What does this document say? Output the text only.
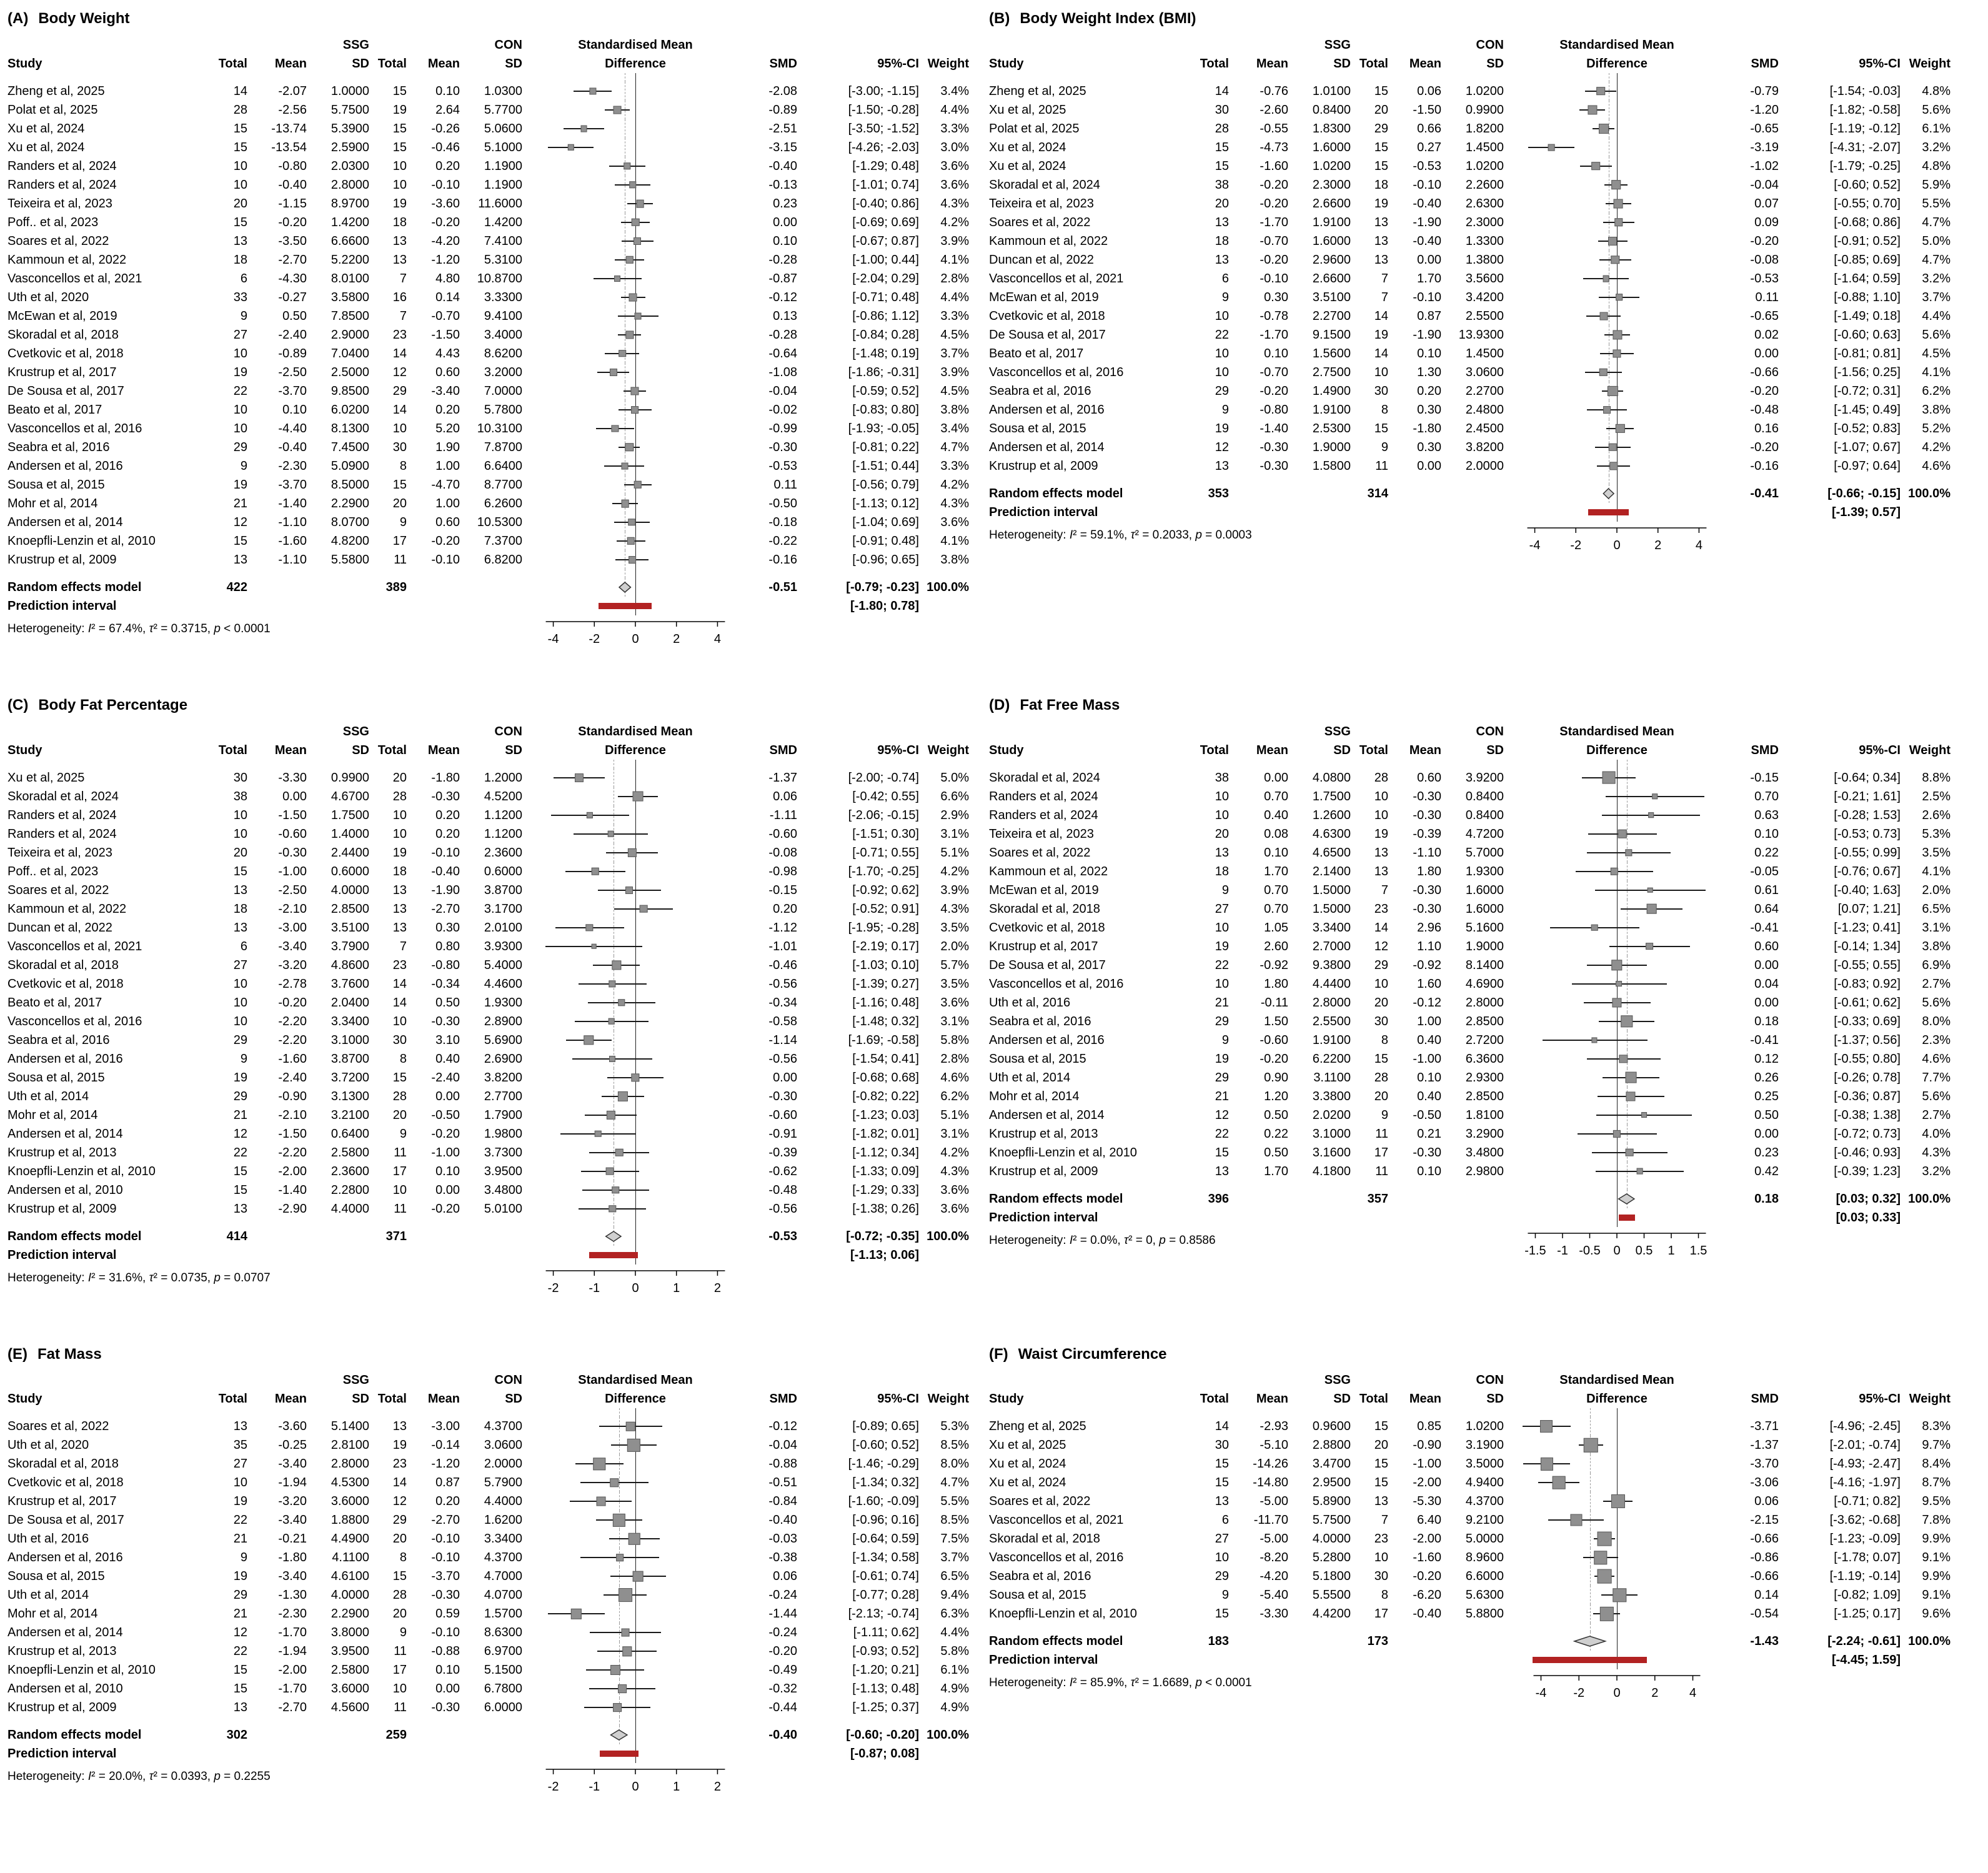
(A) Body Weight
SSG	CON	Standardised Mean
Study	Total	Mean	SD Total	Mean	SD	Difference	SMD	95%-CI Weight
Zheng et al, 2025	14	-2.07	1.0000	15	0.10	1.0300	-2.08	[-3.00; -1.15]	3.4%
Polat et al, 2025	28	-2.56	5.7500	19	2.64	5.7700	-0.89	[-1.50; -0.28]	4.4%
Xu et al, 2024	15	-13.74	5.3900	15	-0.26	5.0600	-2.51	[-3.50; -1.52]	3.3%
Xu et al, 2024	15	-13.54	2.5900	15	-0.46	5.1000	-3.15	[-4.26; -2.03]	3.0%
Randers et al, 2024	10	-0.80	2.0300	10	0.20	1.1900	-0.40	[-1.29; 0.48]	3.6%
Randers et al, 2024	10	-0.40	2.8000	10	-0.10	1.1900	-0.13	[-1.01; 0.74]	3.6%
Teixeira et al, 2023	20	-1.15	8.9700	19	-3.60	11.6000	0.23	[-0.40; 0.86]	4.3%
Poff.. et al, 2023	15	-0.20	1.4200	18	-0.20	1.4200	0.00	[-0.69; 0.69]	4.2%
Soares et al, 2022	13	-3.50	6.6600	13	-4.20	7.4100	0.10	[-0.67; 0.87]	3.9%
Kammoun et al, 2022	18	-2.70	5.2200	13	-1.20	5.3100	-0.28	[-1.00; 0.44]	4.1%
Vasconcellos et al, 2021	6	-4.30	8.0100	7	4.80	10.8700	-0.87	[-2.04; 0.29]	2.8%
Uth et al, 2020	33	-0.27	3.5800	16	0.14	3.3300	-0.12	[-0.71; 0.48]	4.4%
McEwan et al, 2019	9	0.50	7.8500	7	-0.70	9.4100	0.13	[-0.86; 1.12]	3.3%
Skoradal et al, 2018	27	-2.40	2.9000	23	-1.50	3.4000	-0.28	[-0.84; 0.28]	4.5%
Cvetkovic et al, 2018	10	-0.89	7.0400	14	4.43	8.6200	-0.64	[-1.48; 0.19]	3.7%
Krustrup et al, 2017	19	-2.50	2.5000	12	0.60	3.2000	-1.08	[-1.86; -0.31]	3.9%
De Sousa et al, 2017	22	-3.70	9.8500	29	-3.40	7.0000	-0.04	[-0.59; 0.52]	4.5%
Beato et al, 2017	10	0.10	6.0200	14	0.20	5.7800	-0.02	[-0.83; 0.80]	3.8%
Vasconcellos et al, 2016	10	-4.40	8.1300	10	5.20	10.3100	-0.99	[-1.93; -0.05]	3.4%
Seabra et al, 2016	29	-0.40	7.4500	30	1.90	7.8700	-0.30	[-0.81; 0.22]	4.7%
Andersen et al, 2016	9	-2.30	5.0900	8	1.00	6.6400	-0.53	[-1.51; 0.44]	3.3%
Sousa et al, 2015	19	-3.70	8.5000	15	-4.70	8.7700	0.11	[-0.56; 0.79]	4.2%
Mohr et al, 2014	21	-1.40	2.2900	20	1.00	6.2600	-0.50	[-1.13; 0.12]	4.3%
Andersen et al, 2014	12	-1.10	8.0700	9	0.60	10.5300	-0.18	[-1.04; 0.69]	3.6%
Knoepfli-Lenzin et al, 2010	15	-1.60	4.8200	17	-0.20	7.3700	-0.22	[-0.91; 0.48]	4.1%
Krustrup et al, 2009	13	-1.10	5.5800	11	-0.10	6.8200	-0.16	[-0.96; 0.65]	3.8%
Random effects model	422	389	-0.51	[-0.79; -0.23] 100.0%
Prediction interval	[-1.80; 0.78]
Heterogeneity: I² = 67.4%, τ² = 0.3715, p < 0.0001
-4 -2	0	2	4
(B) Body Weight Index (BMI)
SSG	CON	Standardised Mean
Study	Total	Mean	SD Total	Mean	SD	Difference	SMD	95%-CI Weight
Zheng et al, 2025	14	-0.76	1.0100	15	0.06	1.0200	-0.79	[-1.54; -0.03]	4.8%
Xu et al, 2025	30	-2.60	0.8400	20	-1.50	0.9900	-1.20	[-1.82; -0.58]	5.6%
Polat et al, 2025	28	-0.55	1.8300	29	0.66	1.8200	-0.65	[-1.19; -0.12]	6.1%
Xu et al, 2024	15	-4.73	1.6000	15	0.27	1.4500	-3.19	[-4.31; -2.07]	3.2%
Xu et al, 2024	15	-1.60	1.0200	15	-0.53	1.0200	-1.02	[-1.79; -0.25]	4.8%
Skoradal et al, 2024	38	-0.20	2.3000	18	-0.10	2.2600	-0.04	[-0.60; 0.52]	5.9%
Teixeira et al, 2023	20	-0.20	2.6600	19	-0.40	2.6300	0.07	[-0.55; 0.70]	5.5%
Soares et al, 2022	13	-1.70	1.9100	13	-1.90	2.3000	0.09	[-0.68; 0.86]	4.7%
Kammoun et al, 2022	18	-0.70	1.6000	13	-0.40	1.3300	-0.20	[-0.91; 0.52]	5.0%
Duncan et al, 2022	13	-0.20	2.9600	13	0.00	1.3800	-0.08	[-0.85; 0.69]	4.7%
Vasconcellos et al, 2021	6	-0.10	2.6600	7	1.70	3.5600	-0.53	[-1.64; 0.59]	3.2%
McEwan et al, 2019	9	0.30	3.5100	7	-0.10	3.4200	0.11	[-0.88; 1.10]	3.7%
Cvetkovic et al, 2018	10	-0.78	2.2700	14	0.87	2.5500	-0.65	[-1.49; 0.18]	4.4%
De Sousa et al, 2017	22	-1.70	9.1500	19	-1.90	13.9300	0.02	[-0.60; 0.63]	5.6%
Beato et al, 2017	10	0.10	1.5600	14	0.10	1.4500	0.00	[-0.81; 0.81]	4.5%
Vasconcellos et al, 2016	10	-0.70	2.7500	10	1.30	3.0600	-0.66	[-1.56; 0.25]	4.1%
Seabra et al, 2016	29	-0.20	1.4900	30	0.20	2.2700	-0.20	[-0.72; 0.31]	6.2%
Andersen et al, 2016	9	-0.80	1.9100	8	0.30	2.4800	-0.48	[-1.45; 0.49]	3.8%
Sousa et al, 2015	19	-1.40	2.5300	15	-1.80	2.4500	0.16	[-0.52; 0.83]	5.2%
Andersen et al, 2014	12	-0.30	1.9000	9	0.30	3.8200	-0.20	[-1.07; 0.67]	4.2%
Krustrup et al, 2009	13	-0.30	1.5800	11	0.00	2.0000	-0.16	[-0.97; 0.64]	4.6%
Random effects model	353	314	-0.41	[-0.66; -0.15] 100.0%
Prediction interval	[-1.39; 0.57]
Heterogeneity: I² = 59.1%, τ² = 0.2033, p = 0.0003
-4 -2	0	2	4
(C) Body Fat Percentage
SSG	CON	Standardised Mean
Study	Total	Mean	SD Total	Mean	SD	Difference	SMD	95%-CI Weight
Xu et al, 2025	30	-3.30	0.9900	20	-1.80	1.2000	-1.37	[-2.00; -0.74]	5.0%
Skoradal et al, 2024	38	0.00	4.6700	28	-0.30	4.5200	0.06	[-0.42; 0.55]	6.6%
Randers et al, 2024	10	-1.50	1.7500	10	0.20	1.1200	-1.11	[-2.06; -0.15]	2.9%
Randers et al, 2024	10	-0.60	1.4000	10	0.20	1.1200	-0.60	[-1.51; 0.30]	3.1%
Teixeira et al, 2023	20	-0.30	2.4400	19	-0.10	2.3600	-0.08	[-0.71; 0.55]	5.1%
Poff.. et al, 2023	15	-1.00	0.6000	18	-0.40	0.6000	-0.98	[-1.70; -0.25]	4.2%
Soares et al, 2022	13	-2.50	4.0000	13	-1.90	3.8700	-0.15	[-0.92; 0.62]	3.9%
Kammoun et al, 2022	18	-2.10	2.8500	13	-2.70	3.1700	0.20	[-0.52; 0.91]	4.3%
Duncan et al, 2022	13	-3.00	3.5100	13	0.30	2.0100	-1.12	[-1.95; -0.28]	3.5%
Vasconcellos et al, 2021	6	-3.40	3.7900	7	0.80	3.9300	-1.01	[-2.19; 0.17]	2.0%
Skoradal et al, 2018	27	-3.20	4.8600	23	-0.80	5.4000	-0.46	[-1.03; 0.10]	5.7%
Cvetkovic et al, 2018	10	-2.78	3.7600	14	-0.34	4.4600	-0.56	[-1.39; 0.27]	3.5%
Beato et al, 2017	10	-0.20	2.0400	14	0.50	1.9300	-0.34	[-1.16; 0.48]	3.6%
Vasconcellos et al, 2016	10	-2.20	3.3400	10	-0.30	2.8900	-0.58	[-1.48; 0.32]	3.1%
Seabra et al, 2016	29	-2.20	3.1000	30	3.10	5.6900	-1.14	[-1.69; -0.58]	5.8%
Andersen et al, 2016	9	-1.60	3.8700	8	0.40	2.6900	-0.56	[-1.54; 0.41]	2.8%
Sousa et al, 2015	19	-2.40	3.7200	15	-2.40	3.8200	0.00	[-0.68; 0.68]	4.6%
Uth et al, 2014	29	-0.90	3.1300	28	0.00	2.7700	-0.30	[-0.82; 0.22]	6.2%
Mohr et al, 2014	21	-2.10	3.2100	20	-0.50	1.7900	-0.60	[-1.23; 0.03]	5.1%
Andersen et al, 2014	12	-1.50	0.6400	9	-0.20	1.9800	-0.91	[-1.82; 0.01]	3.1%
Krustrup et al, 2013	22	-2.20	2.5800	11	-1.00	3.7300	-0.39	[-1.12; 0.34]	4.2%
Knoepfli-Lenzin et al, 2010	15	-2.00	2.3600	17	0.10	3.9500	-0.62	[-1.33; 0.09]	4.3%
Andersen et al, 2010	15	-1.40	2.2800	10	0.00	3.4800	-0.48	[-1.29; 0.33]	3.6%
Krustrup et al, 2009	13	-2.90	4.4000	11	-0.20	5.0100	-0.56	[-1.38; 0.26]	3.6%
Random effects model	414	371	-0.53	[-0.72; -0.35] 100.0%
Prediction interval	[-1.13; 0.06]
Heterogeneity: I² = 31.6%, τ² = 0.0735, p = 0.0707
-2 -1	0	1	2
(D) Fat Free Mass
SSG	CON	Standardised Mean
Study	Total	Mean	SD Total	Mean	SD	Difference	SMD	95%-CI Weight
Skoradal et al, 2024	38	0.00	4.0800	28	0.60	3.9200	-0.15	[-0.64; 0.34]	8.8%
Randers et al, 2024	10	0.70	1.7500	10	-0.30	0.8400	0.70	[-0.21; 1.61]	2.5%
Randers et al, 2024	10	0.40	1.2600	10	-0.30	0.8400	0.63	[-0.28; 1.53]	2.6%
Teixeira et al, 2023	20	0.08	4.6300	19	-0.39	4.7200	0.10	[-0.53; 0.73]	5.3%
Soares et al, 2022	13	0.10	4.6500	13	-1.10	5.7000	0.22	[-0.55; 0.99]	3.5%
Kammoun et al, 2022	18	1.70	2.1400	13	1.80	1.9300	-0.05	[-0.76; 0.67]	4.1%
McEwan et al, 2019	9	0.70	1.5000	7	-0.30	1.6000	0.61	[-0.40; 1.63]	2.0%
Skoradal et al, 2018	27	0.70	1.5000	23	-0.30	1.6000	0.64	[0.07; 1.21]	6.5%
Cvetkovic et al, 2018	10	1.05	3.3400	14	2.96	5.1600	-0.41	[-1.23; 0.41]	3.1%
Krustrup et al, 2017	19	2.60	2.7000	12	1.10	1.9000	0.60	[-0.14; 1.34]	3.8%
De Sousa et al, 2017	22	-0.92	9.3800	29	-0.92	8.1400	0.00	[-0.55; 0.55]	6.9%
Vasconcellos et al, 2016	10	1.80	4.4400	10	1.60	4.6900	0.04	[-0.83; 0.92]	2.7%
Uth et al, 2016	21	-0.11	2.8000	20	-0.12	2.8000	0.00	[-0.61; 0.62]	5.6%
Seabra et al, 2016	29	1.50	2.5500	30	1.00	2.8500	0.18	[-0.33; 0.69]	8.0%
Andersen et al, 2016	9	-0.60	1.9100	8	0.40	2.7200	-0.41	[-1.37; 0.56]	2.3%
Sousa et al, 2015	19	-0.20	6.2200	15	-1.00	6.3600	0.12	[-0.55; 0.80]	4.6%
Uth et al, 2014	29	0.90	3.1100	28	0.10	2.9300	0.26	[-0.26; 0.78]	7.7%
Mohr et al, 2014	21	1.20	3.3800	20	0.40	2.8500	0.25	[-0.36; 0.87]	5.6%
Andersen et al, 2014	12	0.50	2.0200	9	-0.50	1.8100	0.50	[-0.38; 1.38]	2.7%
Krustrup et al, 2013	22	0.22	3.1000	11	0.21	3.2900	0.00	[-0.72; 0.73]	4.0%
Knoepfli-Lenzin et al, 2010	15	0.50	3.1600	17	-0.30	3.4800	0.23	[-0.46; 0.93]	4.3%
Krustrup et al, 2009	13	1.70	4.1800	11	0.10	2.9800	0.42	[-0.39; 1.23]	3.2%
Random effects model	396	357	0.18	[0.03; 0.32] 100.0%
Prediction interval	[0.03; 0.33]
Heterogeneity: I² = 0.0%, τ² = 0, p = 0.8586
-1.5 -1 -0.5 0 0.5 1 1.5
(E) Fat Mass
SSG	CON	Standardised Mean
Study	Total	Mean	SD Total	Mean	SD	Difference	SMD	95%-CI Weight
Soares et al, 2022	13	-3.60	5.1400	13	-3.00	4.3700	-0.12	[-0.89; 0.65]	5.3%
Uth et al, 2020	35	-0.25	2.8100	19	-0.14	3.0600	-0.04	[-0.60; 0.52]	8.5%
Skoradal et al, 2018	27	-3.40	2.8000	23	-1.20	2.0000	-0.88	[-1.46; -0.29]	8.0%
Cvetkovic et al, 2018	10	-1.94	4.5300	14	0.87	5.7900	-0.51	[-1.34; 0.32]	4.7%
Krustrup et al, 2017	19	-3.20	3.6000	12	0.20	4.4000	-0.84	[-1.60; -0.09]	5.5%
De Sousa et al, 2017	22	-3.40	1.8800	29	-2.70	1.6200	-0.40	[-0.96; 0.16]	8.5%
Uth et al, 2016	21	-0.21	4.4900	20	-0.10	3.3400	-0.03	[-0.64; 0.59]	7.5%
Andersen et al, 2016	9	-1.80	4.1100	8	-0.10	4.3700	-0.38	[-1.34; 0.58]	3.7%
Sousa et al, 2015	19	-3.40	4.6100	15	-3.70	4.7000	0.06	[-0.61; 0.74]	6.5%
Uth et al, 2014	29	-1.30	4.0000	28	-0.30	4.0700	-0.24	[-0.77; 0.28]	9.4%
Mohr et al, 2014	21	-2.30	2.2900	20	0.59	1.5700	-1.44	[-2.13; -0.74]	6.3%
Andersen et al, 2014	12	-1.70	3.8000	9	-0.10	8.6300	-0.24	[-1.11; 0.62]	4.4%
Krustrup et al, 2013	22	-1.94	3.9500	11	-0.88	6.9700	-0.20	[-0.93; 0.52]	5.8%
Knoepfli-Lenzin et al, 2010	15	-2.00	2.5800	17	0.10	5.1500	-0.49	[-1.20; 0.21]	6.1%
Andersen et al, 2010	15	-1.70	3.6000	10	0.00	6.7800	-0.32	[-1.13; 0.48]	4.9%
Krustrup et al, 2009	13	-2.70	4.5600	11	-0.30	6.0000	-0.44	[-1.25; 0.37]	4.9%
Random effects model	302	259	-0.40	[-0.60; -0.20] 100.0%
Prediction interval	[-0.87; 0.08]
Heterogeneity: I² = 20.0%, τ² = 0.0393, p = 0.2255
-2 -1	0	1	2
(F) Waist Circumference
SSG	CON	Standardised Mean
Study	Total	Mean	SD Total	Mean	SD	Difference	SMD	95%-CI Weight
Zheng et al, 2025	14	-2.93	0.9600	15	0.85	1.0200	-3.71	[-4.96; -2.45]	8.3%
Xu et al, 2025	30	-5.10	2.8800	20	-0.90	3.1900	-1.37	[-2.01; -0.74]	9.7%
Xu et al, 2024	15	-14.26	3.4700	15	-1.00	3.5000	-3.70	[-4.93; -2.47]	8.4%
Xu et al, 2024	15	-14.80	2.9500	15	-2.00	4.9400	-3.06	[-4.16; -1.97]	8.7%
Soares et al, 2022	13	-5.00	5.8900	13	-5.30	4.3700	0.06	[-0.71; 0.82]	9.5%
Vasconcellos et al, 2021	6	-11.70	5.7500	7	6.40	9.2100	-2.15	[-3.62; -0.68]	7.8%
Skoradal et al, 2018	27	-5.00	4.0000	23	-2.00	5.0000	-0.66	[-1.23; -0.09]	9.9%
Vasconcellos et al, 2016	10	-8.20	5.2800	10	-1.60	8.9600	-0.86	[-1.78; 0.07]	9.1%
Seabra et al, 2016	29	-4.20	5.1800	30	-0.20	6.6000	-0.66	[-1.19; -0.14]	9.9%
Sousa et al, 2015	9	-5.40	5.5500	8	-6.20	5.6300	0.14	[-0.82; 1.09]	9.1%
Knoepfli-Lenzin et al, 2010	15	-3.30	4.4200	17	-0.40	5.8800	-0.54	[-1.25; 0.17]	9.6%
Random effects model	183	173	-1.43	[-2.24; -0.61] 100.0%
Prediction interval	[-4.45; 1.59]
Heterogeneity: I² = 85.9%, τ² = 1.6689, p < 0.0001
-4 -2 0 2 4
